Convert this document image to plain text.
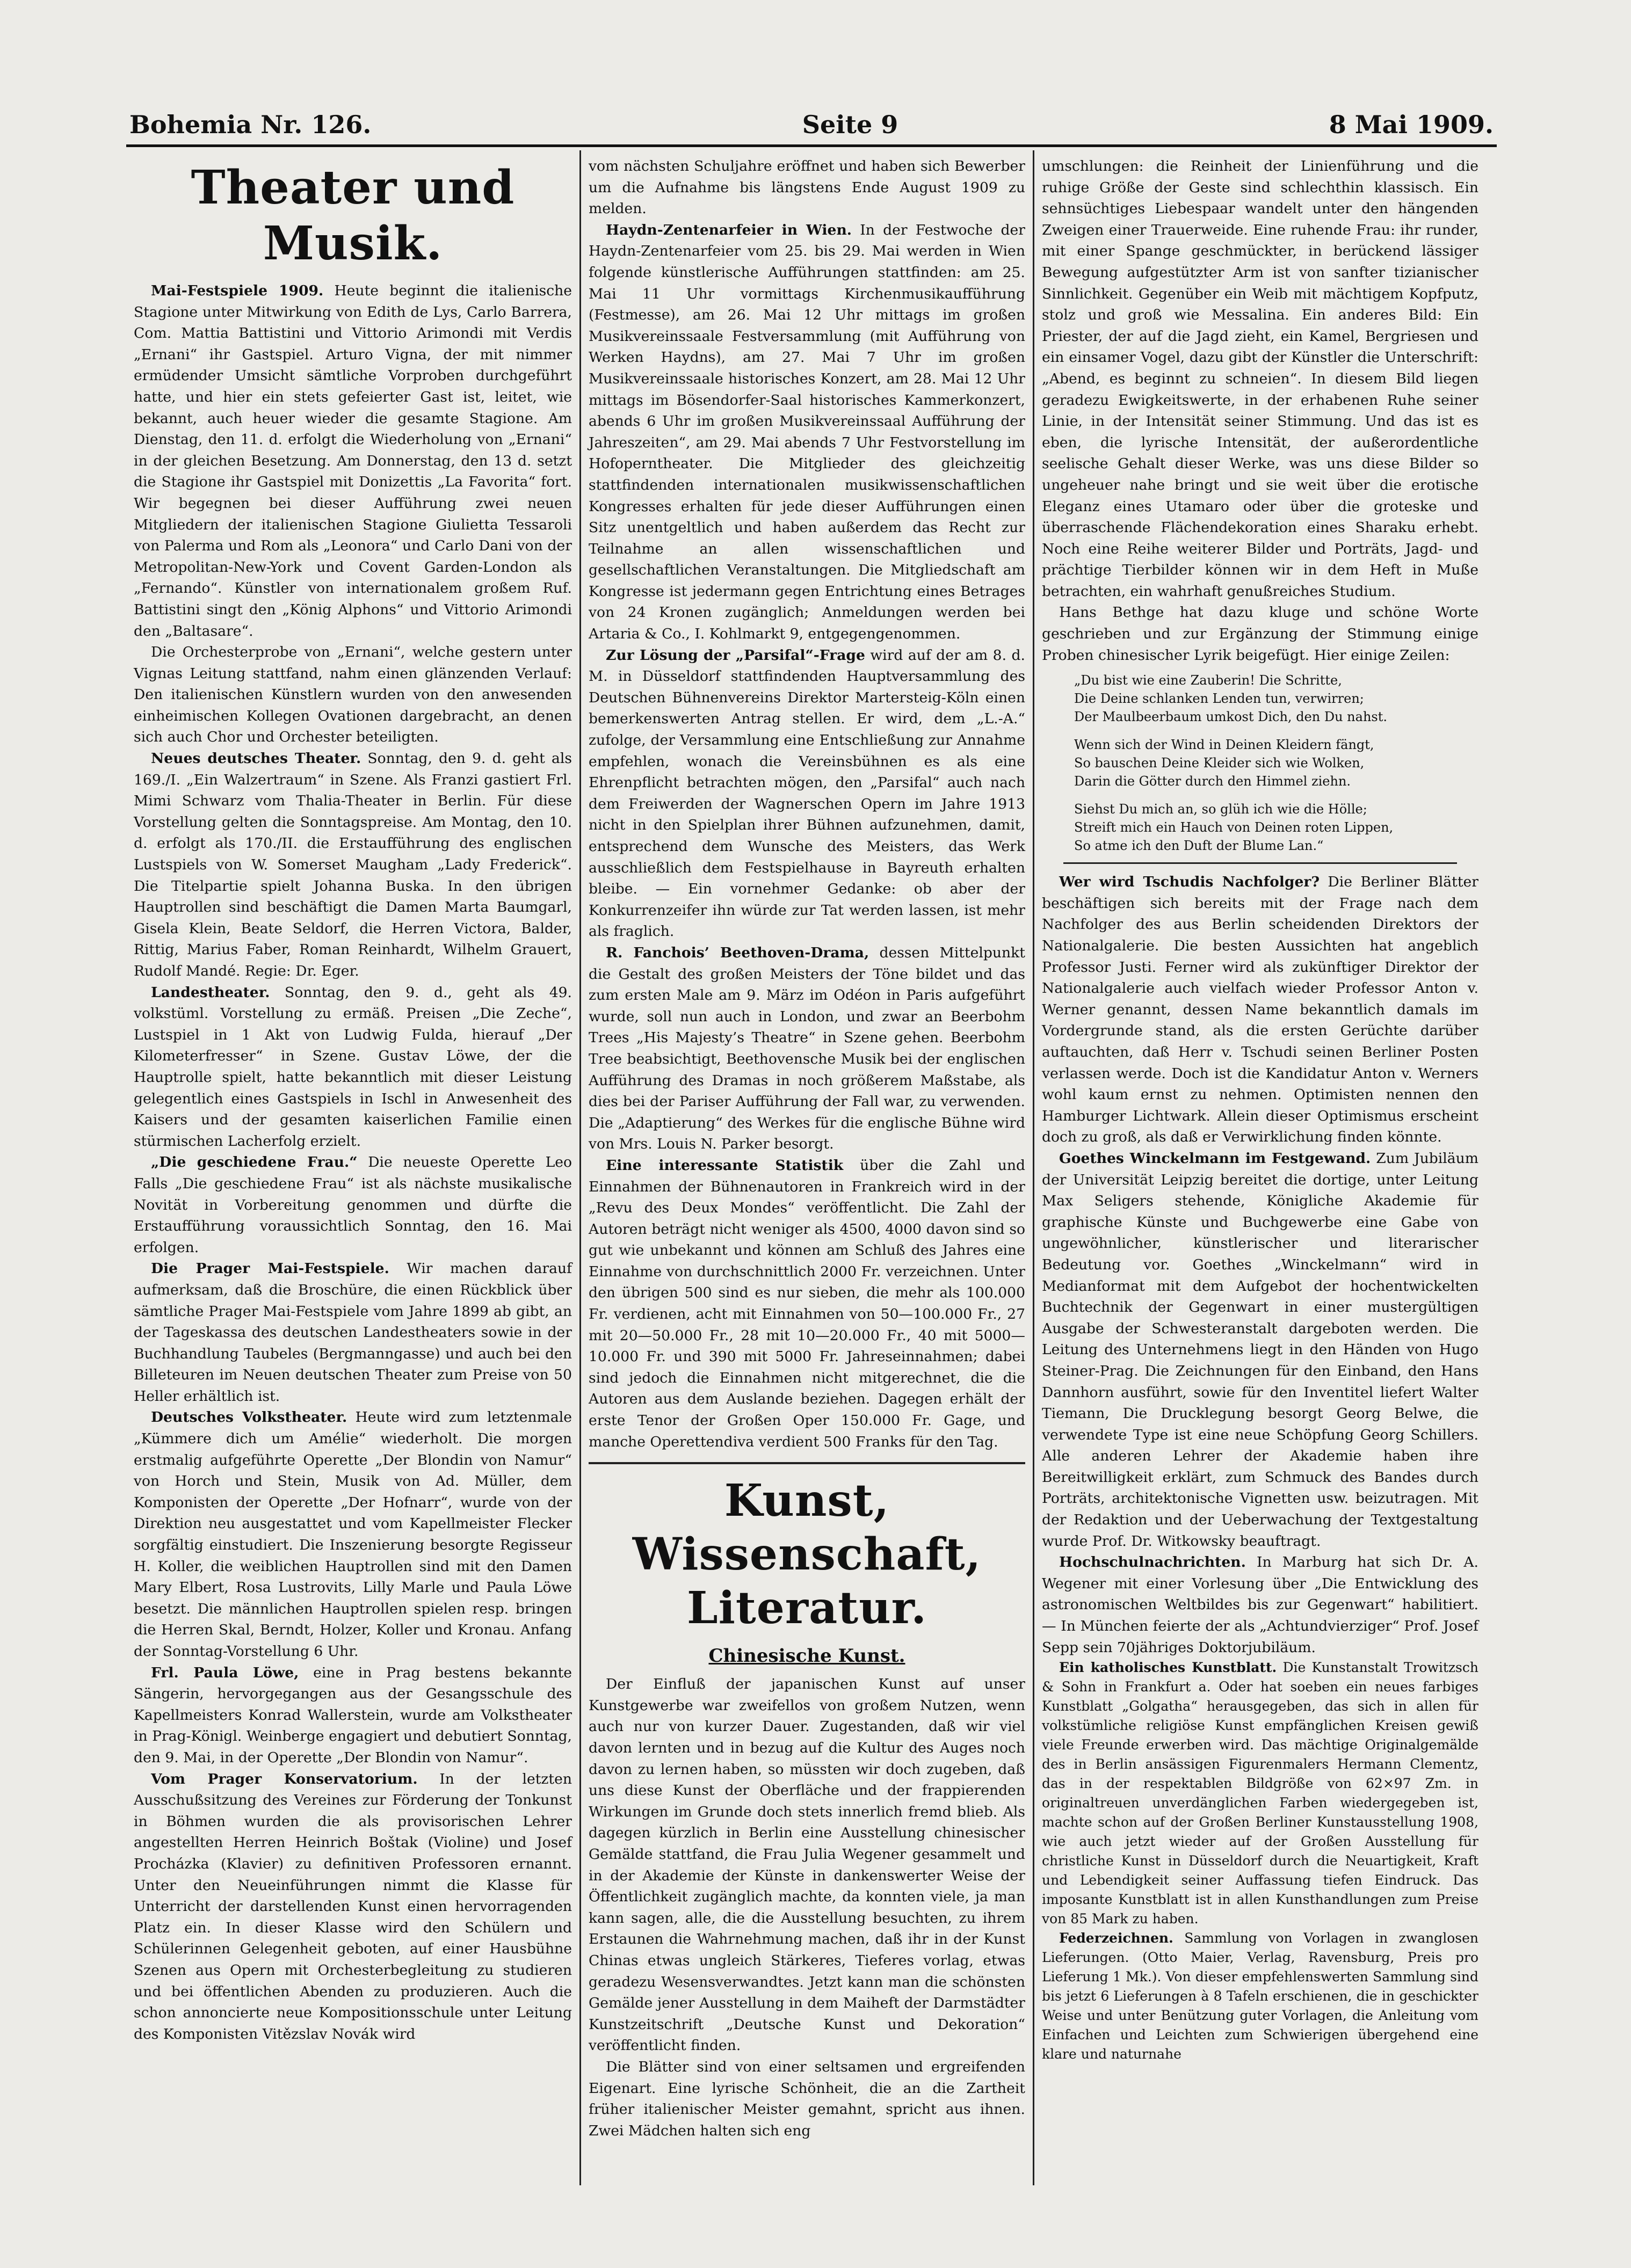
Bohemia Nr. 126.	Seite 9	8 Mai 1909.
Theater und Musik.

Mai-Festspiele 1909. Heute beginnt die italienische Stagione unter Mitwirkung von Edith de Lys, Carlo Barrera, Com. Mattia Battistini und Vittorio Arimondi mit Verdis „Ernani“ ihr Gastspiel. Arturo Vigna, der mit nimmer ermüdender Umsicht sämtliche Vorproben durchgeführt hatte, und hier ein stets gefeierter Gast ist, leitet, wie bekannt, auch heuer wieder die gesamte Stagione. Am Dienstag, den 11. d. erfolgt die Wiederholung von „Ernani“ in der gleichen Besetzung. Am Donnerstag, den 13 d. setzt die Stagione ihr Gastspiel mit Donizettis „La Favorita“ fort. Wir begegnen bei dieser Aufführung zwei neuen Mitgliedern der italienischen Stagione Giulietta Tessaroli von Palerma und Rom als „Leonora“ und Carlo Dani von der Metropolitan-New-York und Covent Garden-London als „Fernando“. Künstler von internationalem großem Ruf. Battistini singt den „König Alphons“ und Vittorio Arimondi den „Baltasare“.

Die Orchesterprobe von „Ernani“, welche gestern unter Vignas Leitung stattfand, nahm einen glänzenden Verlauf: Den italienischen Künstlern wurden von den anwesenden einheimischen Kollegen Ovationen dargebracht, an denen sich auch Chor und Orchester beteiligten.

Neues deutsches Theater. Sonntag, den 9. d. geht als 169./I. „Ein Walzertraum“ in Szene. Als Franzi gastiert Frl. Mimi Schwarz vom Thalia-Theater in Berlin. Für diese Vorstellung gelten die Sonntagspreise. Am Montag, den 10. d. erfolgt als 170./II. die Erstaufführung des englischen Lustspiels von W. Somerset Maugham „Lady Frederick“. Die Titelpartie spielt Johanna Buska. In den übrigen Hauptrollen sind beschäftigt die Damen Marta Baumgarl, Gisela Klein, Beate Seldorf, die Herren Victora, Balder, Rittig, Marius Faber, Roman Reinhardt, Wilhelm Grauert, Rudolf Mandé. Regie: Dr. Eger.

Landestheater. Sonntag, den 9. d., geht als 49. volkstüml. Vorstellung zu ermäß. Preisen „Die Zeche“, Lustspiel in 1 Akt von Ludwig Fulda, hierauf „Der Kilometerfresser“ in Szene. Gustav Löwe, der die Hauptrolle spielt, hatte bekanntlich mit dieser Leistung gelegentlich eines Gastspiels in Ischl in Anwesenheit des Kaisers und der gesamten kaiserlichen Familie einen stürmischen Lacherfolg erzielt.

„Die geschiedene Frau.“ Die neueste Operette Leo Falls „Die geschiedene Frau“ ist als nächste musikalische Novität in Vorbereitung genommen und dürfte die Erstaufführung voraussichtlich Sonntag, den 16. Mai erfolgen.

Die Prager Mai-Festspiele. Wir machen darauf aufmerksam, daß die Broschüre, die einen Rückblick über sämtliche Prager Mai-Festspiele vom Jahre 1899 ab gibt, an der Tageskassa des deutschen Landestheaters sowie in der Buchhandlung Taubeles (Bergmanngasse) und auch bei den Billeteuren im Neuen deutschen Theater zum Preise von 50 Heller erhältlich ist.

Deutsches Volkstheater. Heute wird zum letztenmale „Kümmere dich um Amélie“ wiederholt. Die morgen erstmalig aufgeführte Operette „Der Blondin von Namur“ von Horch und Stein, Musik von Ad. Müller, dem Komponisten der Operette „Der Hofnarr“, wurde von der Direktion neu ausgestattet und vom Kapellmeister Flecker sorgfältig einstudiert. Die Inszenierung besorgte Regisseur H. Koller, die weiblichen Hauptrollen sind mit den Damen Mary Elbert, Rosa Lustrovits, Lilly Marle und Paula Löwe besetzt. Die männlichen Hauptrollen spielen resp. bringen die Herren Skal, Berndt, Holzer, Koller und Kronau. Anfang der Sonntag-Vorstellung 6 Uhr.

Frl. Paula Löwe, eine in Prag bestens bekannte Sängerin, hervorgegangen aus der Gesangsschule des Kapellmeisters Konrad Wallerstein, wurde am Volkstheater in Prag-Königl. Weinberge engagiert und debutiert Sonntag, den 9. Mai, in der Operette „Der Blondin von Namur“.

Vom Prager Konservatorium. In der letzten Ausschußsitzung des Vereines zur Förderung der Tonkunst in Böhmen wurden die als provisorischen Lehrer angestellten Herren Heinrich Boštak (Violine) und Josef Procházka (Klavier) zu definitiven Professoren ernannt. Unter den Neueinführungen nimmt die Klasse für Unterricht der darstellenden Kunst einen hervorragenden Platz ein. In dieser Klasse wird den Schülern und Schülerinnen Gelegenheit geboten, auf einer Hausbühne Szenen aus Opern mit Orchesterbegleitung zu studieren und bei öffentlichen Abenden zu produzieren. Auch die schon annoncierte neue Kompositionsschule unter Leitung des Komponisten Vitězslav Novák wird

vom nächsten Schuljahre eröffnet und haben sich Bewerber um die Aufnahme bis längstens Ende August 1909 zu melden.

Haydn-Zentenarfeier in Wien. In der Festwoche der Haydn-Zentenarfeier vom 25. bis 29. Mai werden in Wien folgende künstlerische Aufführungen stattfinden: am 25. Mai 11 Uhr vormittags Kirchenmusikaufführung (Festmesse), am 26. Mai 12 Uhr mittags im großen Musikvereinssaale Festversammlung (mit Aufführung von Werken Haydns), am 27. Mai 7 Uhr im großen Musikvereinssaale historisches Konzert, am 28. Mai 12 Uhr mittags im Bösendorfer-Saal historisches Kammerkonzert, abends 6 Uhr im großen Musikvereinssaal Aufführung der Jahreszeiten“, am 29. Mai abends 7 Uhr Festvorstellung im Hofoperntheater. Die Mitglieder des gleichzeitig stattfindenden internationalen musikwissenschaftlichen Kongresses erhalten für jede dieser Aufführungen einen Sitz unentgeltlich und haben außerdem das Recht zur Teilnahme an allen wissenschaftlichen und gesellschaftlichen Veranstaltungen. Die Mitgliedschaft am Kongresse ist jedermann gegen Entrichtung eines Betrages von 24 Kronen zugänglich; Anmeldungen werden bei Artaria & Co., I. Kohlmarkt 9, entgegengenommen.

Zur Lösung der „Parsifal“-Frage wird auf der am 8. d. M. in Düsseldorf stattfindenden Hauptversammlung des Deutschen Bühnenvereins Direktor Martersteig-Köln einen bemerkenswerten Antrag stellen. Er wird, dem „L.-A.“ zufolge, der Versammlung eine Entschließung zur Annahme empfehlen, wonach die Vereinsbühnen es als eine Ehrenpflicht betrachten mögen, den „Parsifal“ auch nach dem Freiwerden der Wagnerschen Opern im Jahre 1913 nicht in den Spielplan ihrer Bühnen aufzunehmen, damit, entsprechend dem Wunsche des Meisters, das Werk ausschließlich dem Festspielhause in Bayreuth erhalten bleibe. — Ein vornehmer Gedanke: ob aber der Konkurrenzeifer ihn würde zur Tat werden lassen, ist mehr als fraglich.

R. Fanchois’ Beethoven-Drama, dessen Mittelpunkt die Gestalt des großen Meisters der Töne bildet und das zum ersten Male am 9. März im Odéon in Paris aufgeführt wurde, soll nun auch in London, und zwar an Beerbohm Trees „His Majesty’s Theatre“ in Szene gehen. Beerbohm Tree beabsichtigt, Beethovensche Musik bei der englischen Aufführung des Dramas in noch größerem Maßstabe, als dies bei der Pariser Aufführung der Fall war, zu verwenden. Die „Adaptierung“ des Werkes für die englische Bühne wird von Mrs. Louis N. Parker besorgt.

Eine interessante Statistik über die Zahl und Einnahmen der Bühnenautoren in Frankreich wird in der „Revu des Deux Mondes“ veröffentlicht. Die Zahl der Autoren beträgt nicht weniger als 4500, 4000 davon sind so gut wie unbekannt und können am Schluß des Jahres eine Einnahme von durchschnittlich 2000 Fr. verzeichnen. Unter den übrigen 500 sind es nur sieben, die mehr als 100.000 Fr. verdienen, acht mit Einnahmen von 50—100.000 Fr., 27 mit 20—50.000 Fr., 28 mit 10—20.000 Fr., 40 mit 5000—10.000 Fr. und 390 mit 5000 Fr. Jahreseinnahmen; dabei sind jedoch die Einnahmen nicht mitgerechnet, die die Autoren aus dem Auslande beziehen. Dagegen erhält der erste Tenor der Großen Oper 150.000 Fr. Gage, und manche Operettendiva verdient 500 Franks für den Tag.

Kunst, Wissenschaft, Literatur.
Chinesische Kunst.

Der Einfluß der japanischen Kunst auf unser Kunstgewerbe war zweifellos von großem Nutzen, wenn auch nur von kurzer Dauer. Zugestanden, daß wir viel davon lernten und in bezug auf die Kultur des Auges noch davon zu lernen haben, so müssten wir doch zugeben, daß uns diese Kunst der Oberfläche und der frappierenden Wirkungen im Grunde doch stets innerlich fremd blieb. Als dagegen kürzlich in Berlin eine Ausstellung chinesischer Gemälde stattfand, die Frau Julia Wegener gesammelt und in der Akademie der Künste in dankenswerter Weise der Öffentlichkeit zugänglich machte, da konnten viele, ja man kann sagen, alle, die die Ausstellung besuchten, zu ihrem Erstaunen die Wahrnehmung machen, daß ihr in der Kunst Chinas etwas ungleich Stärkeres, Tieferes vorlag, etwas geradezu Wesensverwandtes. Jetzt kann man die schönsten Gemälde jener Ausstellung in dem Maiheft der Darmstädter Kunstzeitschrift „Deutsche Kunst und Dekoration“ veröffentlicht finden.

Die Blätter sind von einer seltsamen und ergreifenden Eigenart. Eine lyrische Schönheit, die an die Zartheit früher italienischer Meister gemahnt, spricht aus ihnen. Zwei Mädchen halten sich eng

umschlungen: die Reinheit der Linienführung und die ruhige Größe der Geste sind schlechthin klassisch. Ein sehnsüchtiges Liebespaar wandelt unter den hängenden Zweigen einer Trauerweide. Eine ruhende Frau: ihr runder, mit einer Spange geschmückter, in berückend lässiger Bewegung aufgestützter Arm ist von sanfter tizianischer Sinnlichkeit. Gegenüber ein Weib mit mächtigem Kopfputz, stolz und groß wie Messalina. Ein anderes Bild: Ein Priester, der auf die Jagd zieht, ein Kamel, Bergriesen und ein einsamer Vogel, dazu gibt der Künstler die Unterschrift: „Abend, es beginnt zu schneien“. In diesem Bild liegen geradezu Ewigkeitswerte, in der erhabenen Ruhe seiner Linie, in der Intensität seiner Stimmung. Und das ist es eben, die lyrische Intensität, der außerordentliche seelische Gehalt dieser Werke, was uns diese Bilder so ungeheuer nahe bringt und sie weit über die erotische Eleganz eines Utamaro oder über die groteske und überraschende Flächendekoration eines Sharaku erhebt. Noch eine Reihe weiterer Bilder und Porträts, Jagd- und prächtige Tierbilder können wir in dem Heft in Muße betrachten, ein wahrhaft genußreiches Studium.

Hans Bethge hat dazu kluge und schöne Worte geschrieben und zur Ergänzung der Stimmung einige Proben chinesischer Lyrik beigefügt. Hier einige Zeilen:

„Du bist wie eine Zauberin! Die Schritte,
Die Deine schlanken Lenden tun, verwirren;
Der Maulbeerbaum umkost Dich, den Du nahst.
Wenn sich der Wind in Deinen Kleidern fängt,
So bauschen Deine Kleider sich wie Wolken,
Darin die Götter durch den Himmel ziehn.
Siehst Du mich an, so glüh ich wie die Hölle;
Streift mich ein Hauch von Deinen roten Lippen,
So atme ich den Duft der Blume Lan.“

Wer wird Tschudis Nachfolger? Die Berliner Blätter beschäftigen sich bereits mit der Frage nach dem Nachfolger des aus Berlin scheidenden Direktors der Nationalgalerie. Die besten Aussichten hat angeblich Professor Justi. Ferner wird als zukünftiger Direktor der Nationalgalerie auch vielfach wieder Professor Anton v. Werner genannt, dessen Name bekanntlich damals im Vordergrunde stand, als die ersten Gerüchte darüber auftauchten, daß Herr v. Tschudi seinen Berliner Posten verlassen werde. Doch ist die Kandidatur Anton v. Werners wohl kaum ernst zu nehmen. Optimisten nennen den Hamburger Lichtwark. Allein dieser Optimismus erscheint doch zu groß, als daß er Verwirklichung finden könnte.

Goethes Winckelmann im Festgewand. Zum Jubiläum der Universität Leipzig bereitet die dortige, unter Leitung Max Seligers stehende, Königliche Akademie für graphische Künste und Buchgewerbe eine Gabe von ungewöhnlicher, künstlerischer und literarischer Bedeutung vor. Goethes „Winckelmann“ wird in Medianformat mit dem Aufgebot der hochentwickelten Buchtechnik der Gegenwart in einer mustergültigen Ausgabe der Schwesteranstalt dargeboten werden. Die Leitung des Unternehmens liegt in den Händen von Hugo Steiner-Prag. Die Zeichnungen für den Einband, den Hans Dannhorn ausführt, sowie für den Inventitel liefert Walter Tiemann, Die Drucklegung besorgt Georg Belwe, die verwendete Type ist eine neue Schöpfung Georg Schillers. Alle anderen Lehrer der Akademie haben ihre Bereitwilligkeit erklärt, zum Schmuck des Bandes durch Porträts, architektonische Vignetten usw. beizutragen. Mit der Redaktion und der Ueberwachung der Textgestaltung wurde Prof. Dr. Witkowsky beauftragt.

Hochschulnachrichten. In Marburg hat sich Dr. A. Wegener mit einer Vorlesung über „Die Entwicklung des astronomischen Weltbildes bis zur Gegenwart“ habilitiert. — In München feierte der als „Achtundvierziger“ Prof. Josef Sepp sein 70jähriges Doktorjubiläum.

Ein katholisches Kunstblatt. Die Kunstanstalt Trowitzsch & Sohn in Frankfurt a. Oder hat soeben ein neues farbiges Kunstblatt „Golgatha“ herausgegeben, das sich in allen für volkstümliche religiöse Kunst empfänglichen Kreisen gewiß viele Freunde erwerben wird. Das mächtige Originalgemälde des in Berlin ansässigen Figurenmalers Hermann Clementz, das in der respektablen Bildgröße von 62×97 Zm. in originaltreuen unverdänglichen Farben wiedergegeben ist, machte schon auf der Großen Berliner Kunstausstellung 1908, wie auch jetzt wieder auf der Großen Ausstellung für christliche Kunst in Düsseldorf durch die Neuartigkeit, Kraft und Lebendigkeit seiner Auffassung tiefen Eindruck. Das imposante Kunstblatt ist in allen Kunsthandlungen zum Preise von 85 Mark zu haben.

Federzeichnen. Sammlung von Vorlagen in zwanglosen Lieferungen. (Otto Maier, Verlag, Ravensburg, Preis pro Lieferung 1 Mk.). Von dieser empfehlenswerten Sammlung sind bis jetzt 6 Lieferungen à 8 Tafeln erschienen, die in geschickter Weise und unter Benützung guter Vorlagen, die Anleitung vom Einfachen und Leichten zum Schwierigen übergehend eine klare und naturnahe
